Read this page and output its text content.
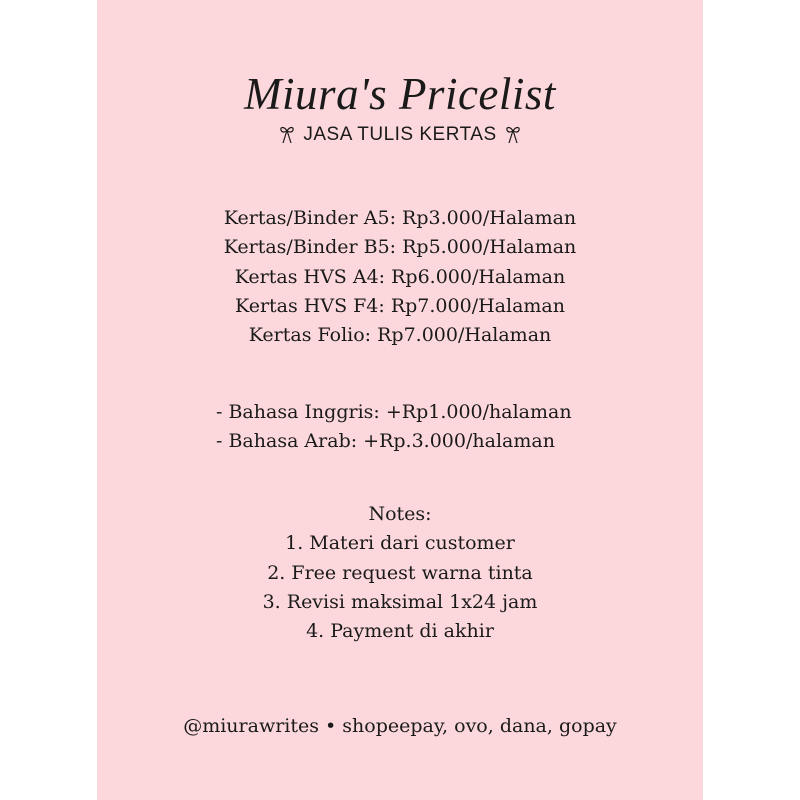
Miura's Pricelist
JASA TULIS KERTAS
Kertas/Binder A5: Rp3.000/Halaman
Kertas/Binder B5: Rp5.000/Halaman
Kertas HVS A4: Rp6.000/Halaman
Kertas HVS F4: Rp7.000/Halaman
Kertas Folio: Rp7.000/Halaman
- Bahasa Inggris: +Rp1.000/halaman
- Bahasa Arab: +Rp.3.000/halaman
Notes:
1. Materi dari customer
2. Free request warna tinta
3. Revisi maksimal 1x24 jam
4. Payment di akhir
@miurawrites • shopeepay, ovo, dana, gopay
